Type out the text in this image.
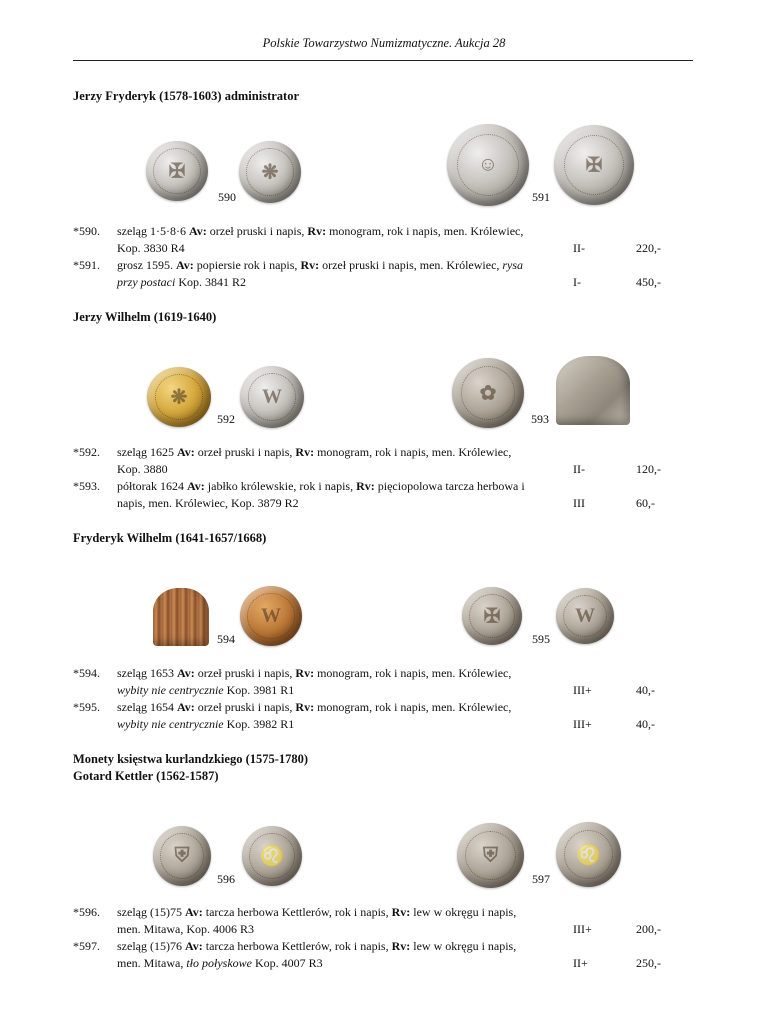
Polskie Towarzystwo Numizmatyczne. Aukcja 28
Jerzy Fryderyk (1578-1603) administrator
✠	❋
590
☺	✠
591
*590.	szeląg 1·5·8·6 Av: orzeł pruski i napis, Rv: monogram, rok i napis, men. Królewiec,
Kop. 3830 R4	II-	220,-
*591.	grosz 1595. Av: popiersie rok i napis, Rv: orzeł pruski i napis, men. Królewiec, rysa
przy postaci Kop. 3841 R2	I-	450,-
Jerzy Wilhelm (1619-1640)
❋	W
592
✿
593
*592.	szeląg 1625 Av: orzeł pruski i napis, Rv: monogram, rok i napis, men. Królewiec,
Kop. 3880	II-	120,-
*593.	półtorak 1624 Av: jabłko królewskie, rok i napis, Rv: pięciopolowa tarcza herbowa i
napis, men. Królewiec, Kop. 3879 R2	III	60,-
Fryderyk Wilhelm (1641-1657/1668)
W
594
✠	W
595
*594.	szeląg 1653 Av: orzeł pruski i napis, Rv: monogram, rok i napis, men. Królewiec,
wybity nie centrycznie Kop. 3981 R1	III+	40,-
*595.	szeląg 1654 Av: orzeł pruski i napis, Rv: monogram, rok i napis, men. Królewiec,
wybity nie centrycznie Kop. 3982 R1	III+	40,-
Monety księstwa kurlandzkiego (1575-1780)
Gotard Kettler (1562-1587)
⛨	♌
596
⛨	♌
597
*596.	szeląg (15)75 Av: tarcza herbowa Kettlerów, rok i napis, Rv: lew w okręgu i napis,
men. Mitawa, Kop. 4006 R3	III+	200,-
*597.	szeląg (15)76 Av: tarcza herbowa Kettlerów, rok i napis, Rv: lew w okręgu i napis,
men. Mitawa, tło połyskowe Kop. 4007 R3	II+	250,-
